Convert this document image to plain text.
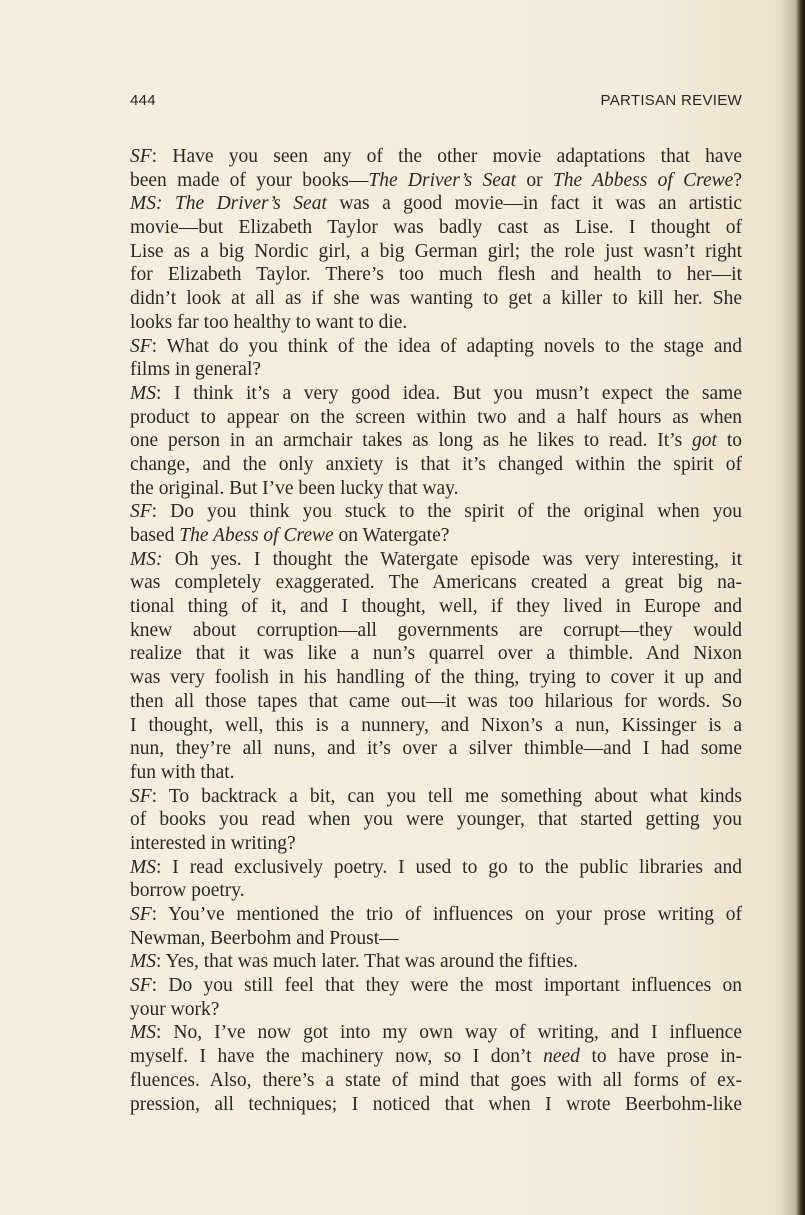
444	PARTISAN REVIEW
SF: Have you seen any of the other movie adaptations that have
been made of your books—The Driver’s Seat or The Abbess of Crewe?
MS: The Driver’s Seat was a good movie—in fact it was an artistic
movie—but Elizabeth Taylor was badly cast as Lise. I thought of
Lise as a big Nordic girl, a big German girl; the role just wasn’t right
for Elizabeth Taylor. There’s too much flesh and health to her—it
didn’t look at all as if she was wanting to get a killer to kill her. She
looks far too healthy to want to die.
SF: What do you think of the idea of adapting novels to the stage and
films in general?
MS: I think it’s a very good idea. But you musn’t expect the same
product to appear on the screen within two and a half hours as when
one person in an armchair takes as long as he likes to read. It’s got to
change, and the only anxiety is that it’s changed within the spirit of
the original. But I’ve been lucky that way.
SF: Do you think you stuck to the spirit of the original when you
based The Abess of Crewe on Watergate?
MS: Oh yes. I thought the Watergate episode was very interesting, it
was completely exaggerated. The Americans created a great big na-
tional thing of it, and I thought, well, if they lived in Europe and
knew about corruption—all governments are corrupt—they would
realize that it was like a nun’s quarrel over a thimble. And Nixon
was very foolish in his handling of the thing, trying to cover it up and
then all those tapes that came out—it was too hilarious for words. So
I thought, well, this is a nunnery, and Nixon’s a nun, Kissinger is a
nun, they’re all nuns, and it’s over a silver thimble—and I had some
fun with that.
SF: To backtrack a bit, can you tell me something about what kinds
of books you read when you were younger, that started getting you
interested in writing?
MS: I read exclusively poetry. I used to go to the public libraries and
borrow poetry.
SF: You’ve mentioned the trio of influences on your prose writing of
Newman, Beerbohm and Proust—
MS: Yes, that was much later. That was around the fifties.
SF: Do you still feel that they were the most important influences on
your work?
MS: No, I’ve now got into my own way of writing, and I influence
myself. I have the machinery now, so I don’t need to have prose in-
fluences. Also, there’s a state of mind that goes with all forms of ex-
pression, all techniques; I noticed that when I wrote Beerbohm-like
